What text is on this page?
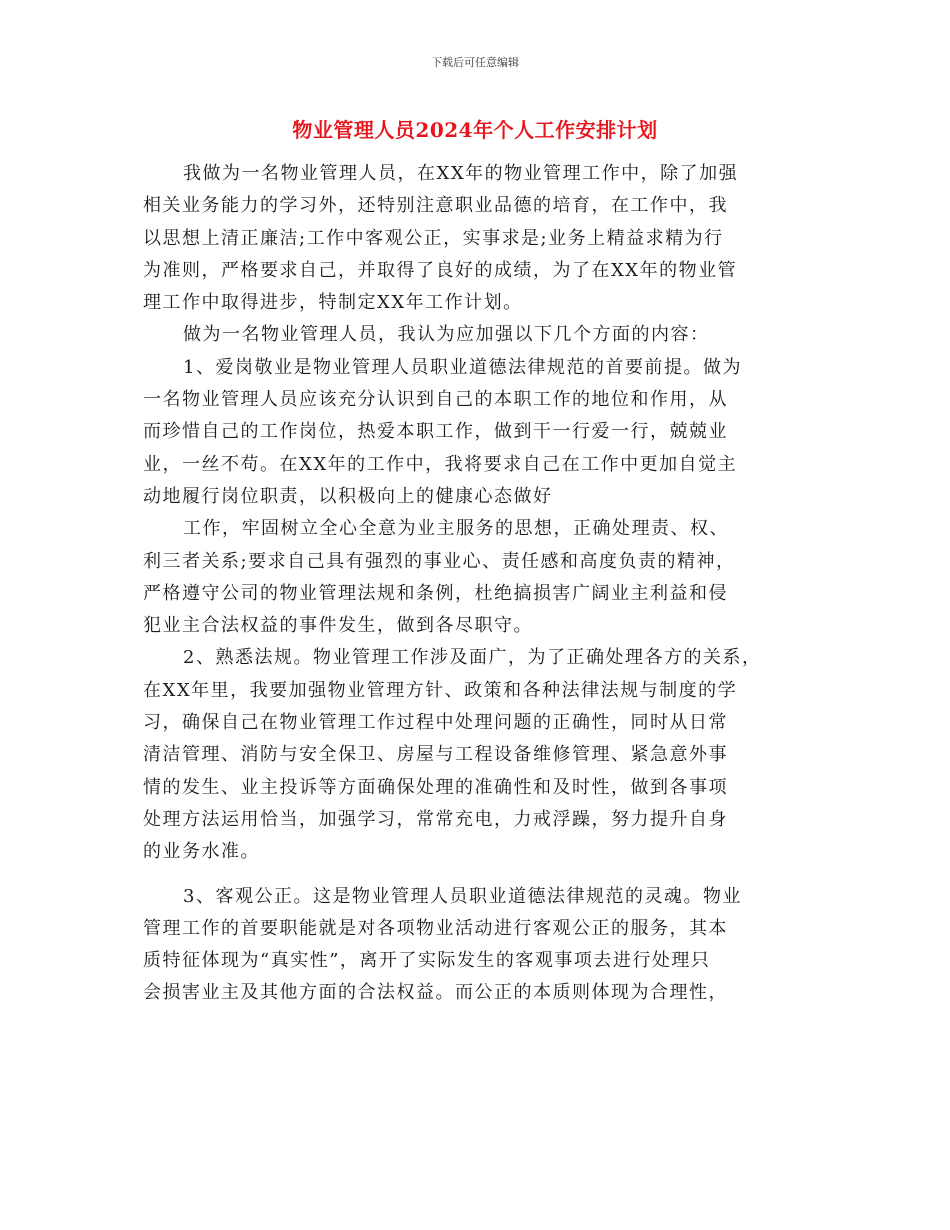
下载后可任意编辑
物业管理人员2024年个人工作安排计划
我做为一名物业管理人员，在XX年的物业管理工作中，除了加强
相关业务能力的学习外，还特别注意职业品德的培育，在工作中，我
以思想上清正廉洁;工作中客观公正，实事求是;业务上精益求精为行
为准则，严格要求自己，并取得了良好的成绩，为了在XX年的物业管
理工作中取得进步，特制定XX年工作计划。
做为一名物业管理人员，我认为应加强以下几个方面的内容：
1、爱岗敬业是物业管理人员职业道德法律规范的首要前提。做为
一名物业管理人员应该充分认识到自己的本职工作的地位和作用，从
而珍惜自己的工作岗位，热爱本职工作，做到干一行爱一行，兢兢业
业，一丝不苟。在XX年的工作中，我将要求自己在工作中更加自觉主
动地履行岗位职责，以积极向上的健康心态做好
工作，牢固树立全心全意为业主服务的思想，正确处理责、权、
利三者关系;要求自己具有强烈的事业心、责任感和高度负责的精神，
严格遵守公司的物业管理法规和条例，杜绝搞损害广阔业主利益和侵
犯业主合法权益的事件发生，做到各尽职守。
2、熟悉法规。物业管理工作涉及面广，为了正确处理各方的关系，
在XX年里，我要加强物业管理方针、政策和各种法律法规与制度的学
习，确保自己在物业管理工作过程中处理问题的正确性，同时从日常
清洁管理、消防与安全保卫、房屋与工程设备维修管理、紧急意外事
情的发生、业主投诉等方面确保处理的准确性和及时性，做到各事项
处理方法运用恰当，加强学习，常常充电，力戒浮躁，努力提升自身
的业务水准。
3、客观公正。这是物业管理人员职业道德法律规范的灵魂。物业
管理工作的首要职能就是对各项物业活动进行客观公正的服务，其本
质特征体现为“真实性”，离开了实际发生的客观事项去进行处理只
会损害业主及其他方面的合法权益。而公正的本质则体现为合理性，
